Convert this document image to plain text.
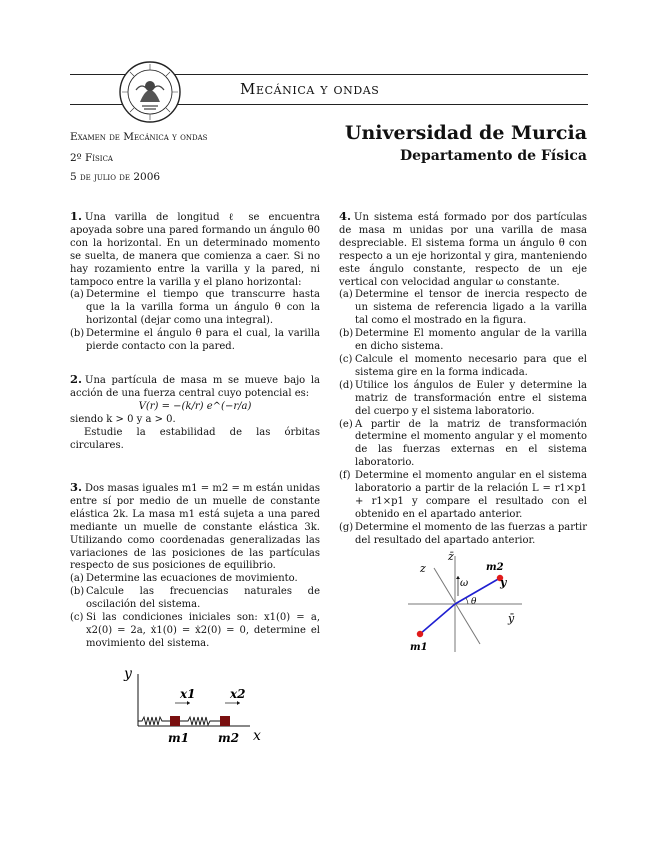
Mecánica y ondas
Examen de Mecánica y ondas
2º Física
5 de julio de 2006
Universidad de Murcia
Departamento de Física

1. Una varilla de longitud ℓ se encuentra apoyada sobre una pared formando un ángulo θ0 con la horizontal. En un determinado momento se suelta, de manera que comienza a caer. Si no hay rozamiento entre la varilla y la pared, ni tampoco entre la varilla y el plano horizontal:

(a) Determine el tiempo que transcurre hasta que la la varilla forma un ángulo θ con la horizontal (dejar como una integral).
(b) Determine el ángulo θ para el cual, la varilla pierde contacto con la pared.

2. Una partícula de masa m se mueve bajo la acción de una fuerza central cuyo potencial es:

V(r) = −(k/r) e^(−r/a)

siendo k > 0 y a > 0.

Estudie la estabilidad de las órbitas circulares.

3. Dos masas iguales m1 = m2 = m están unidas entre sí por medio de un muelle de constante elástica 2k. La masa m1 está sujeta a una pared mediante un muelle de constante elástica 3k. Utilizando como coordenadas generalizadas las variaciones de las posiciones de las partículas respecto de sus posiciones de equilibrio.

(a) Determine las ecuaciones de movimiento.
(b) Calcule las frecuencias naturales de oscilación del sistema.
(c) Si las condiciones iniciales son: x1(0) = a, x2(0) = 2a, ẋ1(0) = ẋ2(0) = 0, determine el movimiento del sistema.
y
x
x1	x2
m1 m2

4. Un sistema está formado por dos partículas de masa m unidas por una varilla de masa despreciable. El sistema forma un ángulo θ con respecto a un eje horizontal y gira, manteniendo este ángulo constante, respecto de un eje vertical con velocidad angular ω constante.

(a) Determine el tensor de inercia respecto de un sistema de referencia ligado a la varilla tal como el mostrado en la figura.
(b) Determine El momento angular de la varilla en dicho sistema.
(c) Calcule el momento necesario para que el sistema gire en la forma indicada.
(d) Utilice los ángulos de Euler y determine la matriz de transformación entre el sistema del cuerpo y el sistema laboratorio.
(e) A partir de la matriz de transformación determine el momento angular y el momento de las fuerzas externas en el sistema laboratorio.
(f) Determine el momento angular en el sistema laboratorio a partir de la relación L = r1×p1 + r1×p1 y compare el resultado con el obtenido en el apartado anterior.
(g) Determine el momento de las fuerzas a partir del resultado del apartado anterior.
z̄
z
ȳ
y
ω
θ
m2
m1
